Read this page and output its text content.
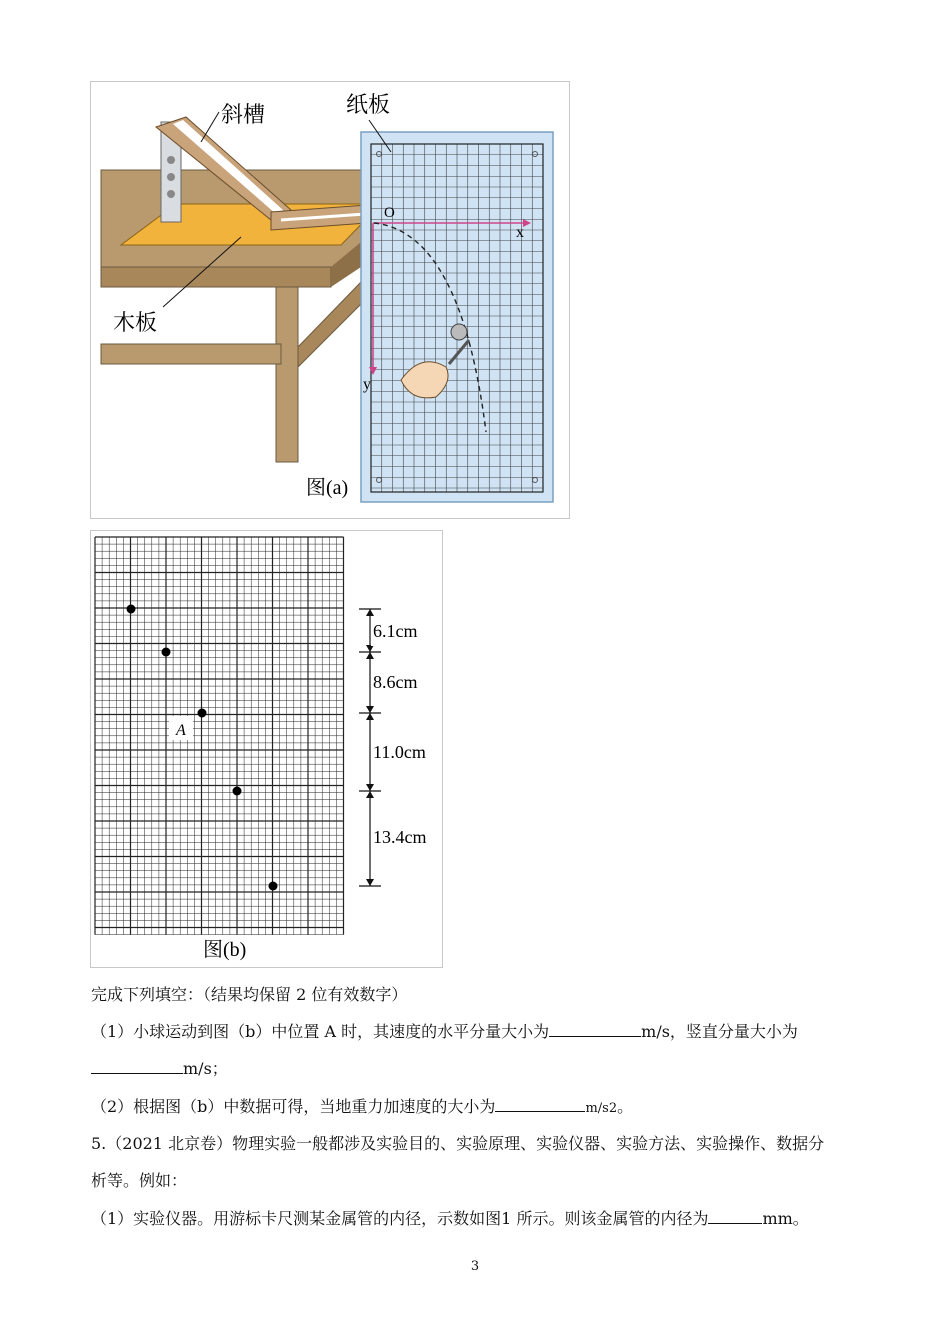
斜槽	纸板
木板
O
x
y
图(a)
A
6.1cm
8.6cm
11.0cm
13.4cm
图(b)
完成下列填空：（结果均保留 2 位有效数字）
（1）小球运动到图（b）中位置 A 时，其速度的水平分量大小为	m/s，竖直分量大小为
m/s；
（2）根据图（b）中数据可得，当地重力加速度的大小为	m/s2。
5.（2021 北京卷）物理实验一般都涉及实验目的、实验原理、实验仪器、实验方法、实验操作、数据分
析等。例如：
（1）实验仪器。用游标卡尺测某金属管的内径，示数如图1 所示。则该金属管的内径为	mm。
3
